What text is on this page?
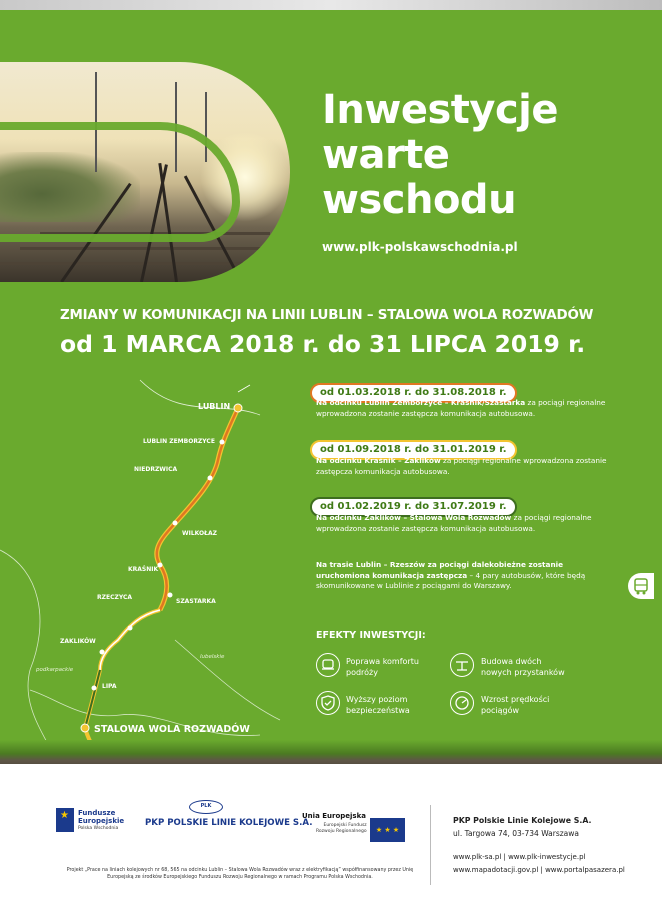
Inwestycje
warte
wschodu
www.plk-polskawschodnia.pl
ZMIANY W KOMUNIKACJI NA LINII LUBLIN – STALOWA WOLA ROZWADÓW
od 1 MARCA 2018 r. do 31 LIPCA 2019 r.
LUBLIN
LUBLIN ZEMBORZYCE
NIEDRZWICA
WILKOŁAZ
KRAŚNIK
SZASTARKA
RZECZYCA
ZAKLIKÓW
LIPA
STALOWA WOLA ROZWADÓW
lubelskie
podkarpackie
od 01.03.2018 r. do 31.08.2018 r.
Na odcinku Lublin Zemborzyce – Kraśnik/Szastarka za pociągi regionalne wprowadzona zostanie zastępcza komunikacja autobusowa.
od 01.09.2018 r. do 31.01.2019 r.
Na odcinku Kraśnik – Zaklików za pociągi regionalne wprowadzona zostanie zastępcza komunikacja autobusowa.
od 01.02.2019 r. do 31.07.2019 r.
Na odcinku Zaklików – Stalowa Wola Rozwadów za pociągi regionalne wprowadzona zostanie zastępcza komunikacja autobusowa.
Na trasie Lublin – Rzeszów za pociągi dalekobieżne zostanie uruchomiona komunikacja zastępcza – 4 pary autobusów, które będą skomunikowane w Lublinie z pociągami do Warszawy.
EFEKTY INWESTYCJI:
Poprawa komfortu
podróży
Budowa dwóch
nowych przystanków
Wyższy poziom
bezpieczeństwa
Wzrost prędkości
pociągów
★ Fundusze
Europejskie
Polska Wschodnia
PLK
PKP POLSKIE LINIE KOLEJOWE S.A.
Unia Europejska
Europejski Fundusz
Rozwoju Regionalnego	★ ★ ★
PKP Polskie Linie Kolejowe S.A.
ul. Targowa 74, 03-734 Warszawa
www.plk-sa.pl | www.plk-inwestycje.pl
www.mapadotacji.gov.pl | www.portalpasazera.pl
Projekt „Prace na liniach kolejowych nr 68, 565 na odcinku Lublin – Stalowa Wola Rozwadów wraz z elektryfikacją” współfinansowany przez Unię Europejską ze środków Europejskiego Funduszu Rozwoju Regionalnego w ramach Programu Polska Wschodnia.
